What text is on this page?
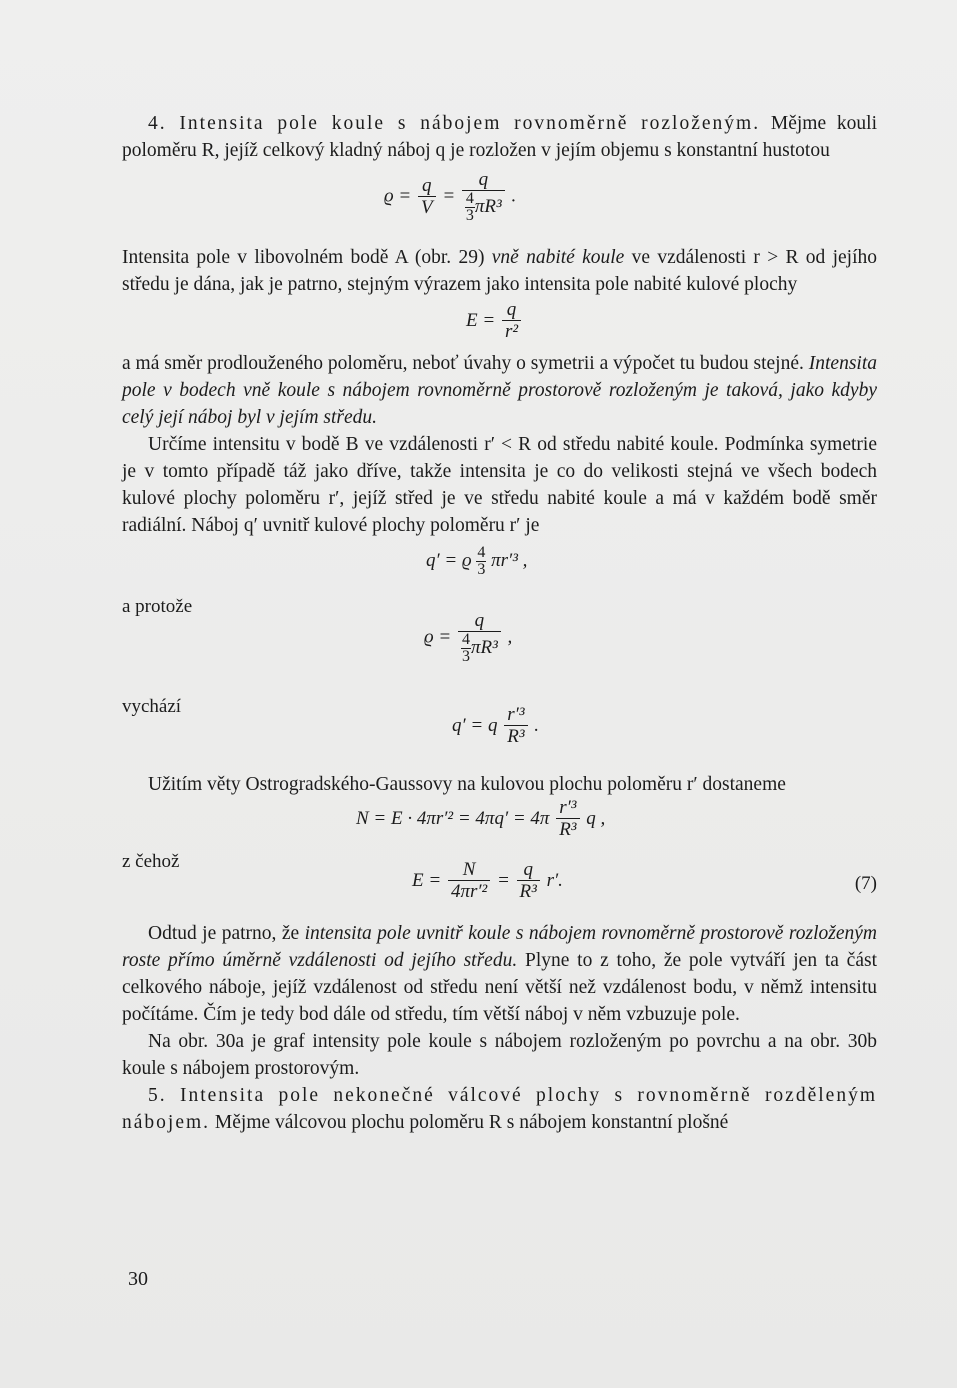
4. Intensita pole koule s nábojem rovnoměrně rozloženým. Mějme kouli poloměru R, jejíž celkový kladný náboj q je rozložen v jejím objemu s konstantní hustotou

$ϱ = \frac{q}{V} = \frac{q}{\frac{4}{3} \pi R^3}$ .

Intensita pole v libovolném bodě A (obr. 29) vně nabité koule ve vzdálenosti r > R od jejího středu je dána, jak je patrno, stejným výrazem jako intensita pole nabité kulové plochy

$E = \frac{q}{\text{r²}}$

a má směr prodlouženého poloměru, neboť úvahy o symetrii a výpočet tu budou stejné. Intensita pole v bodech vně koule s nábojem rovnoměrně prostorově rozloženým je taková, jako kdyby celý její náboj byl v jejím středu.

Určíme intensitu v bodě B ve vzdálenosti r′ < R od středu nabité koule. Podmínka symetrie je v tomto případě táž jako dříve, takže intensita je co do velikosti stejná ve všech bodech kulové plochy poloměru r′, jejíž střed je ve středu nabité koule a má v každém bodě směr radiální. Náboj q′ uvnitř kulové plochy poloměru r′ je

q′ = ϱ $\frac{4}{3} \pi r'^3$ ,
a protože
$ϱ = \frac{q}{\frac{4}{3} \pi R^3}$ ,
vychází
q′ = q $\frac{\text{r′³}}{\text{R³}}$ .

Užitím věty Ostrogradského-Gaussovy na kulovou plochu poloměru r′ dostaneme

$N = E \cdot 4\pi r'^2 = 4\pi q' = 4\pi \frac{\text{r′³}}{\text{R³}}$ q ,
z čehož
$E = \frac{N}{\text{4πr′²}} = \frac{q}{\text{R³}} r'$.	(7)

Odtud je patrno, že intensita pole uvnitř koule s nábojem rovnoměrně prostorově rozloženým roste přímo úměrně vzdálenosti od jejího středu. Plyne to z toho, že pole vytváří jen ta část celkového náboje, jejíž vzdálenost od středu není větší než vzdálenost bodu, v němž intensitu počítáme. Čím je tedy bod dále od středu, tím větší náboj v něm vzbuzuje pole.

Na obr. 30a je graf intensity pole koule s nábojem rozloženým po povrchu a na obr. 30b koule s nábojem prostorovým.

5. Intensita pole nekonečné válcové plochy s rovnoměrně rozděleným nábojem. Mějme válcovou plochu poloměru R s nábojem konstantní plošné

30
